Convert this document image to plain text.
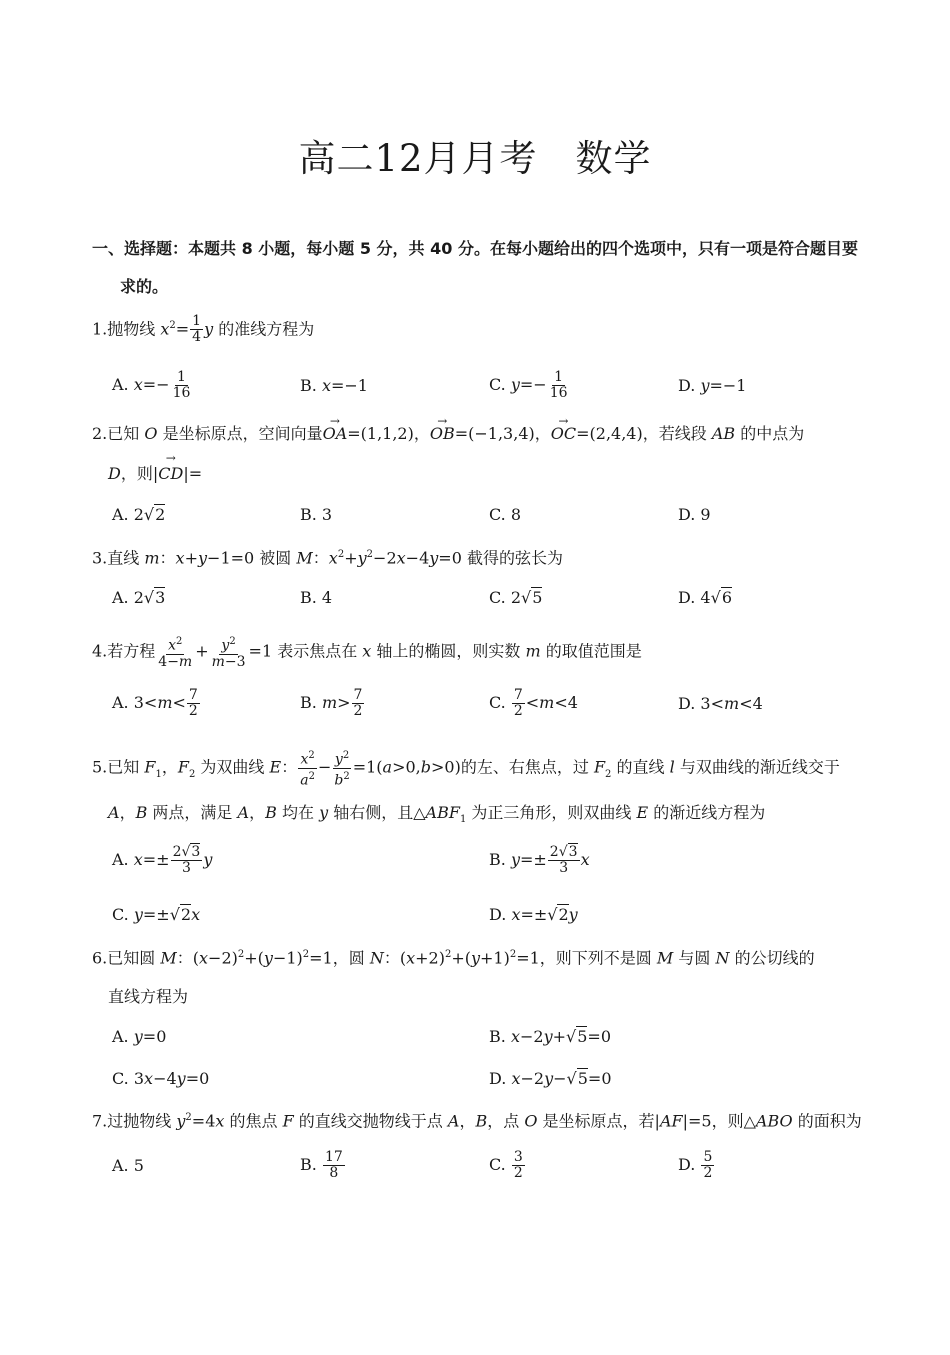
高二12月月考　数学
一、选择题：本题共 8 小题，每小题 5 分，共 40 分。在每小题给出的四个选项中，只有一项是符合题目要
求的。
1.抛物线 $x^2= \frac{1}{4}$ y 的准线方程为
A. $x=- \frac{1}{16}$	B. x=−1	C. $y=- \frac{1}{16}$	D. y=−1
2.已知 O 是坐标原点，空间向量→ OA=(1,1,2)，→ OB=(−1,3,4)，→ OC=(2,4,4)，若线段 AB 的中点为
D，则|→ CD|=
A. 2√2	B. 3	C. 8	D. 9
3.直线 m：x+y−1=0 被圆 M：$x^2+y^2-2x-4y=0$ 截得的弦长为
A. 2√3	B. 4	C. 2√5	D. 4√6
4.若方程 $\frac{x^2}{4-m} + \frac{y^2}{m-3} =1$ 表示焦点在 x 轴上的椭圆，则实数 m 的取值范围是
A. $3<m< \frac{7}{2}$	B. $m> \frac{7}{2}$	C. $\frac{7}{2} <m<4$	D. 3<m<4
5.已知 $F_1$，$F_2$ 为双曲线 E： $\frac{x^2}{a^2} - \frac{y^2}{b^2} =1(a>0,b>0)$的左、右焦点，过 $F_2$ 的直线 l 与双曲线的渐近线交于
A，B 两点，满足 A，B 均在 y 轴右侧，且$\triangle ABF_1$ 为正三角形，则双曲线 E 的渐近线方程为
A. $x=\pm \frac{2√3}{3}$ y	B. $y=\pm \frac{2√3}{3}$ x
C. y=±√2x	D. x=±√2y
6.已知圆 M：$(x-2)^2+(y-1)^2=1$，圆 N：$(x+2)^2+(y+1)^2=1$，则下列不是圆 M 与圆 N 的公切线的
直线方程为
A. y=0	B. x−2y+√5=0
C. 3x−4y=0	D. x−2y−√5=0
7.过抛物线 $y^2=4x$ 的焦点 F 的直线交抛物线于点 A，B，点 O 是坐标原点，若|AF|=5，则△ABO 的面积为
A. 5	B. $\frac{17}{8}$	C. $\frac{3}{2}$	D. $\frac{5}{2}$
